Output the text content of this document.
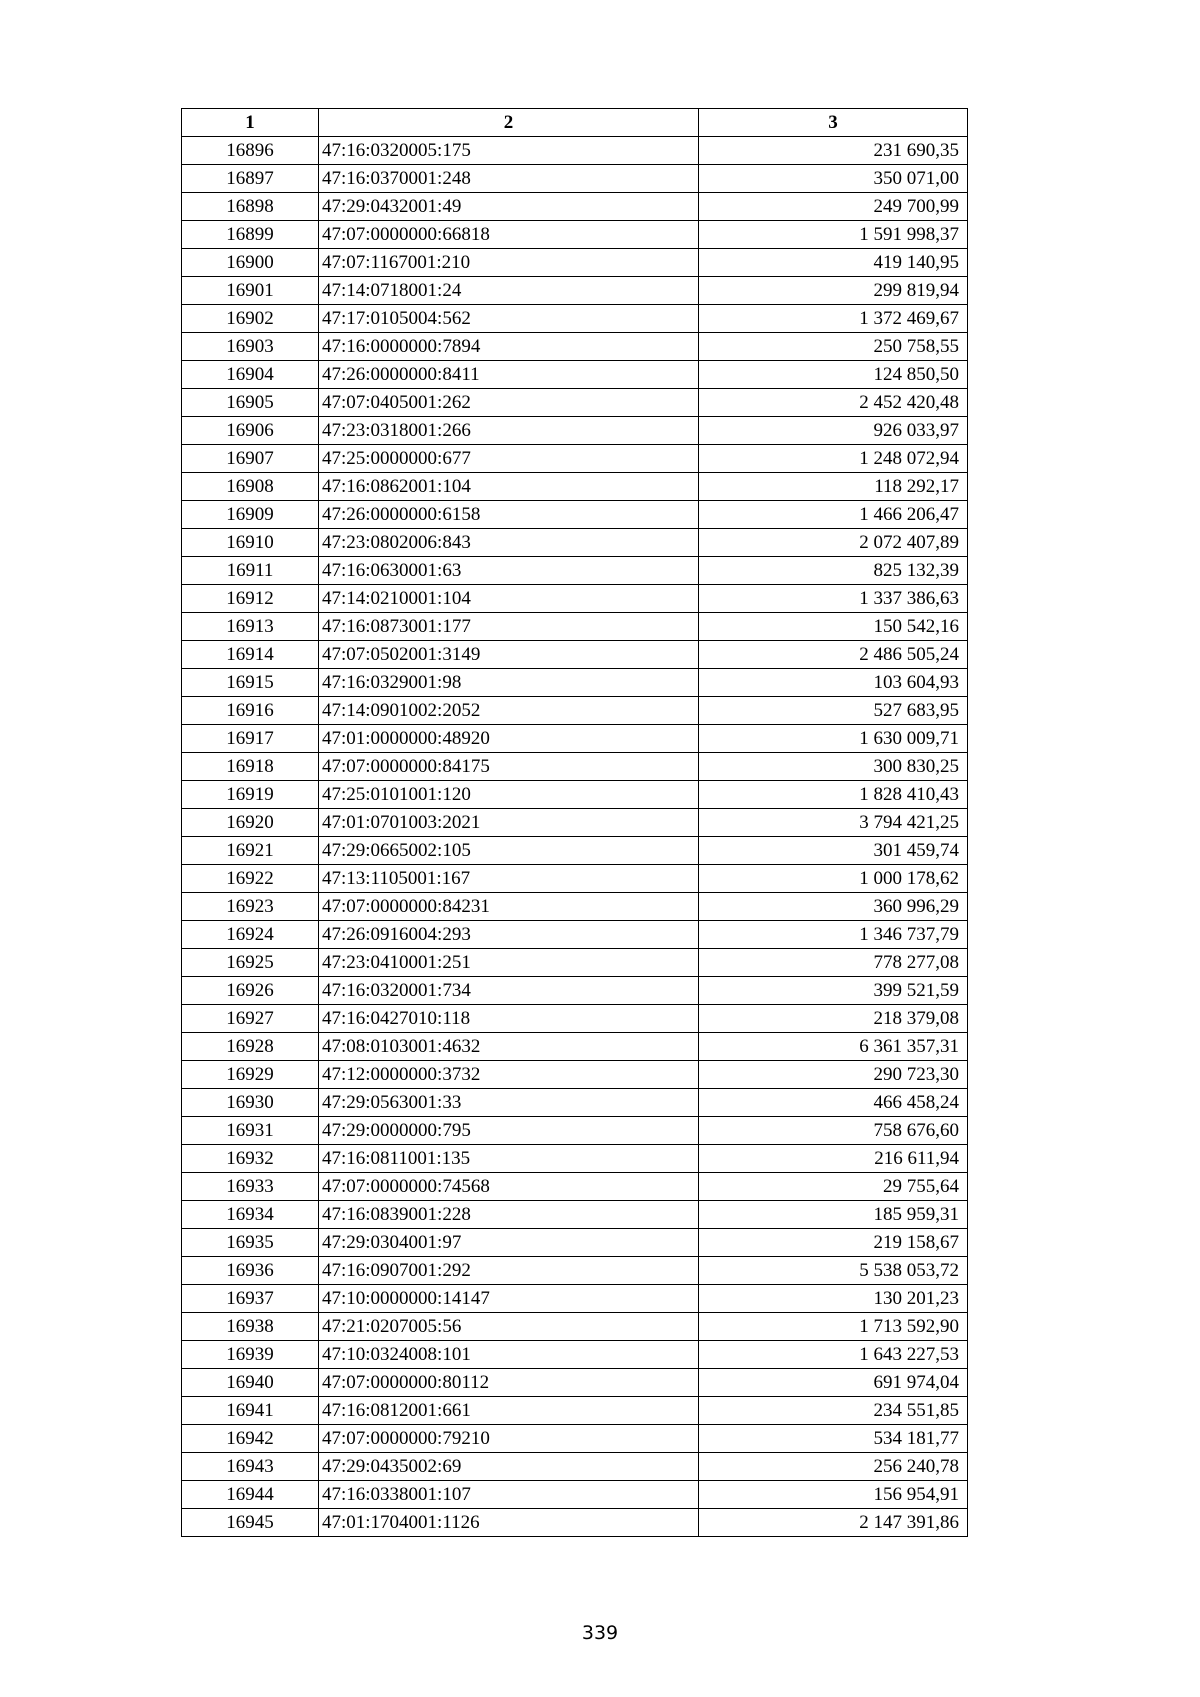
1	2	3
16896	47:16:0320005:175	231 690,35
16897	47:16:0370001:248	350 071,00
16898	47:29:0432001:49	249 700,99
16899	47:07:0000000:66818	1 591 998,37
16900	47:07:1167001:210	419 140,95
16901	47:14:0718001:24	299 819,94
16902	47:17:0105004:562	1 372 469,67
16903	47:16:0000000:7894	250 758,55
16904	47:26:0000000:8411	124 850,50
16905	47:07:0405001:262	2 452 420,48
16906	47:23:0318001:266	926 033,97
16907	47:25:0000000:677	1 248 072,94
16908	47:16:0862001:104	118 292,17
16909	47:26:0000000:6158	1 466 206,47
16910	47:23:0802006:843	2 072 407,89
16911	47:16:0630001:63	825 132,39
16912	47:14:0210001:104	1 337 386,63
16913	47:16:0873001:177	150 542,16
16914	47:07:0502001:3149	2 486 505,24
16915	47:16:0329001:98	103 604,93
16916	47:14:0901002:2052	527 683,95
16917	47:01:0000000:48920	1 630 009,71
16918	47:07:0000000:84175	300 830,25
16919	47:25:0101001:120	1 828 410,43
16920	47:01:0701003:2021	3 794 421,25
16921	47:29:0665002:105	301 459,74
16922	47:13:1105001:167	1 000 178,62
16923	47:07:0000000:84231	360 996,29
16924	47:26:0916004:293	1 346 737,79
16925	47:23:0410001:251	778 277,08
16926	47:16:0320001:734	399 521,59
16927	47:16:0427010:118	218 379,08
16928	47:08:0103001:4632	6 361 357,31
16929	47:12:0000000:3732	290 723,30
16930	47:29:0563001:33	466 458,24
16931	47:29:0000000:795	758 676,60
16932	47:16:0811001:135	216 611,94
16933	47:07:0000000:74568	29 755,64
16934	47:16:0839001:228	185 959,31
16935	47:29:0304001:97	219 158,67
16936	47:16:0907001:292	5 538 053,72
16937	47:10:0000000:14147	130 201,23
16938	47:21:0207005:56	1 713 592,90
16939	47:10:0324008:101	1 643 227,53
16940	47:07:0000000:80112	691 974,04
16941	47:16:0812001:661	234 551,85
16942	47:07:0000000:79210	534 181,77
16943	47:29:0435002:69	256 240,78
16944	47:16:0338001:107	156 954,91
16945	47:01:1704001:1126	2 147 391,86
339
